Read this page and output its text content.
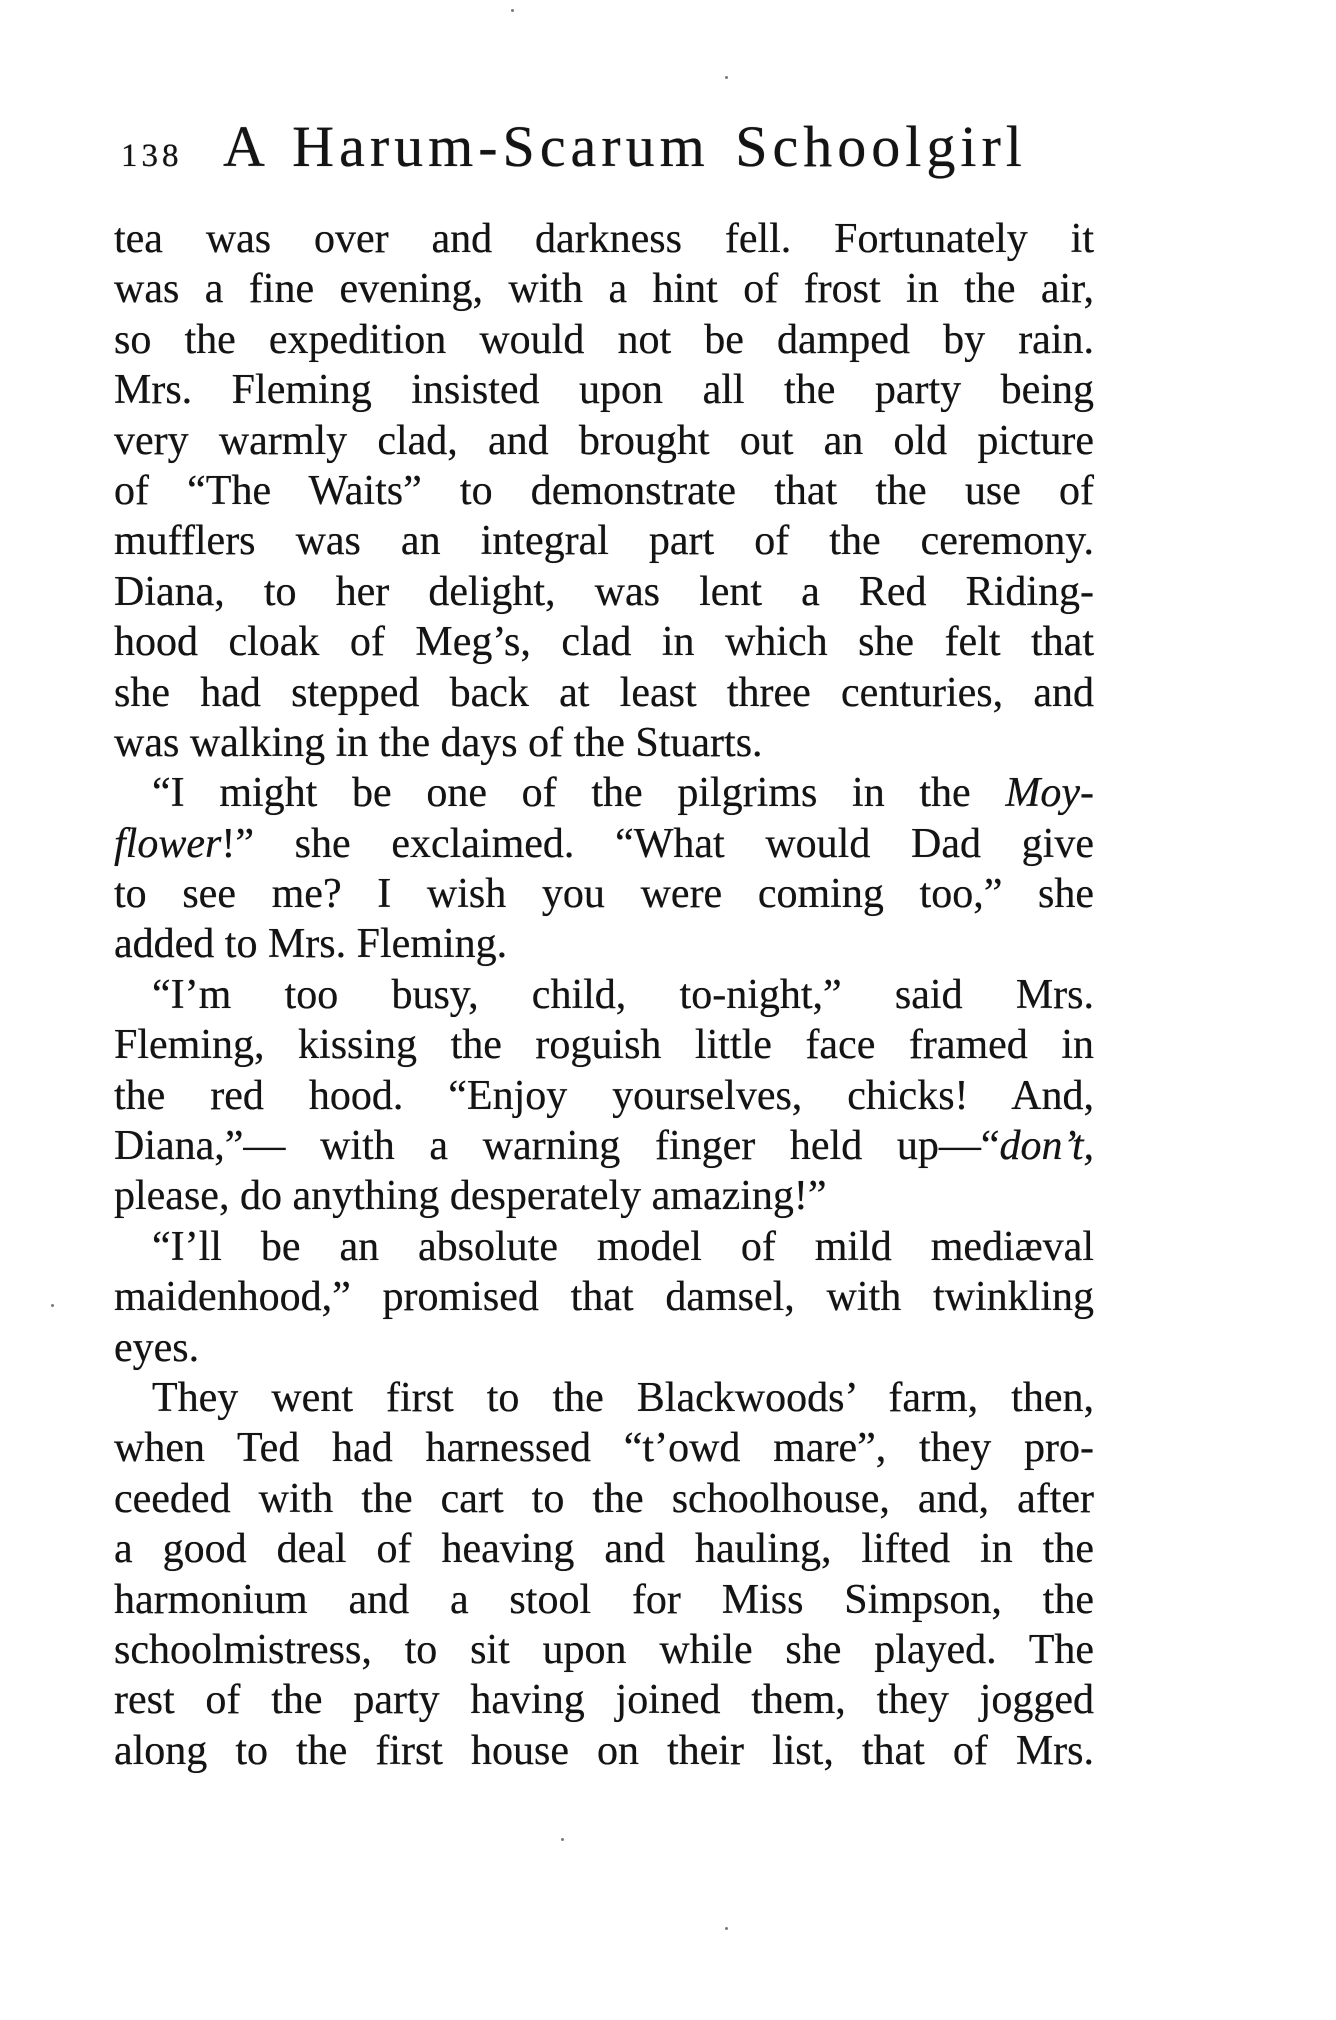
138 A Harum-Scarum Schoolgirl
tea was over and darkness fell. Fortunately it
was a fine evening, with a hint of frost in the air,
so the expedition would not be damped by rain.
Mrs. Fleming insisted upon all the party being
very warmly clad, and brought out an old picture
of “The Waits” to demonstrate that the use of
mufflers was an integral part of the ceremony.
Diana, to her delight, was lent a Red Riding-
hood cloak of Meg’s, clad in which she felt that
she had stepped back at least three centuries, and
was walking in the days of the Stuarts.
“I might be one of the pilgrims in the Moy-
flower!” she exclaimed. “What would Dad give
to see me? I wish you were coming too,” she
added to Mrs. Fleming.
“I’m too busy, child, to-night,” said Mrs.
Fleming, kissing the roguish little face framed in
the red hood. “Enjoy yourselves, chicks! And,
Diana,”— with a warning finger held up—“don’t,
please, do anything desperately amazing!”
“I’ll be an absolute model of mild mediæval
maidenhood,” promised that damsel, with twinkling
eyes.
They went first to the Blackwoods’ farm, then,
when Ted had harnessed “t’owd mare”, they pro-
ceeded with the cart to the schoolhouse, and, after
a good deal of heaving and hauling, lifted in the
harmonium and a stool for Miss Simpson, the
schoolmistress, to sit upon while she played. The
rest of the party having joined them, they jogged
along to the first house on their list, that of Mrs.
